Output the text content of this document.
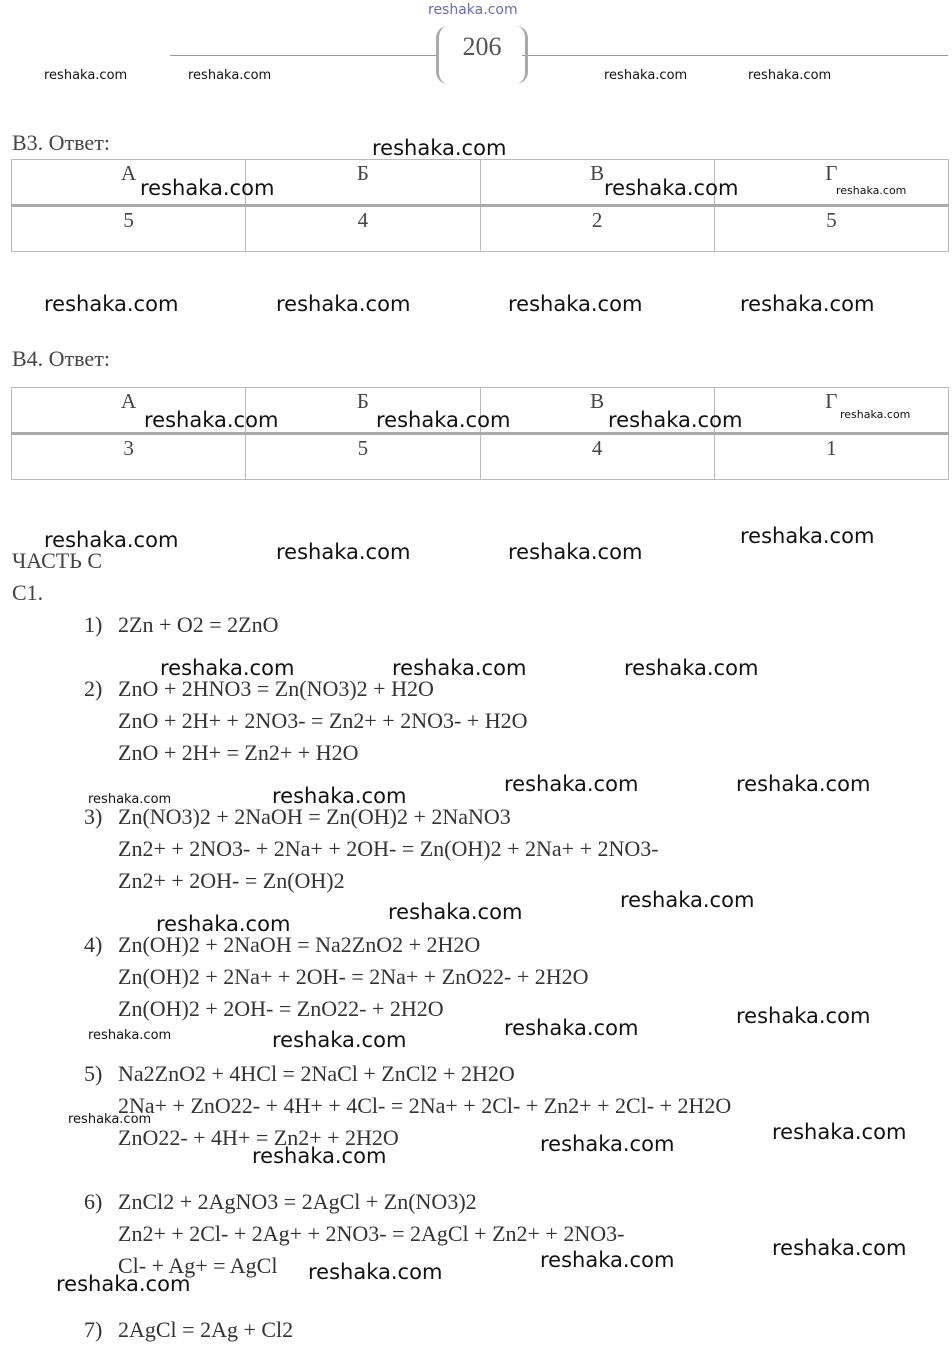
reshaka.com
206
reshaka.com	reshaka.com	reshaka.com	reshaka.com
В3. Ответ:
А	Б	В	Г
5	4	2	5
В4. Ответ:
А	Б	В	Г
3	5	4	1
ЧАСТЬ С
С1.
1) 2Zn + O2 = 2ZnO
2) ZnO + 2HNO3 = Zn(NO3)2 + H2O
ZnO + 2H+ + 2NO3- = Zn2+ + 2NO3- + H2O
ZnO + 2H+ = Zn2+ + H2O
3) Zn(NO3)2 + 2NaOH = Zn(OH)2 + 2NaNO3
Zn2+ + 2NO3- + 2Na+ + 2OH- = Zn(OH)2 + 2Na+ + 2NO3-
Zn2+ + 2OH- = Zn(OH)2
4) Zn(OH)2 + 2NaOH = Na2ZnO2 + 2H2O
Zn(OH)2 + 2Na+ + 2OH- = 2Na+ + ZnO22- + 2H2O
Zn(OH)2 + 2OH- = ZnO22- + 2H2O
5) Na2ZnO2 + 4HCl = 2NaCl + ZnCl2 + 2H2O
2Na+ + ZnO22- + 4H+ + 4Cl- = 2Na+ + 2Cl- + Zn2+ + 2Cl- + 2H2O
ZnO22- + 4H+ = Zn2+ + 2H2O
6) ZnCl2 + 2AgNO3 = 2AgCl + Zn(NO3)2
Zn2+ + 2Cl- + 2Ag+ + 2NO3- = 2AgCl + Zn2+ + 2NO3-
Cl- + Ag+ = AgCl
7) 2AgCl = 2Ag + Cl2
reshaka.com
reshaka.com	reshaka.com	reshaka.com
reshaka.com	reshaka.com	reshaka.com	reshaka.com
reshaka.com	reshaka.com	reshaka.com	reshaka.com
reshaka.com	reshaka.com	reshaka.com
reshaka.com
reshaka.com	reshaka.com	reshaka.com
reshaka.com	reshaka.com
reshaka.com	reshaka.com
reshaka.com
reshaka.com
reshaka.com
reshaka.com
reshaka.com
reshaka.com	reshaka.com
reshaka.com
reshaka.com
reshaka.com
reshaka.com
reshaka.com
reshaka.com
reshaka.com
reshaka.com
